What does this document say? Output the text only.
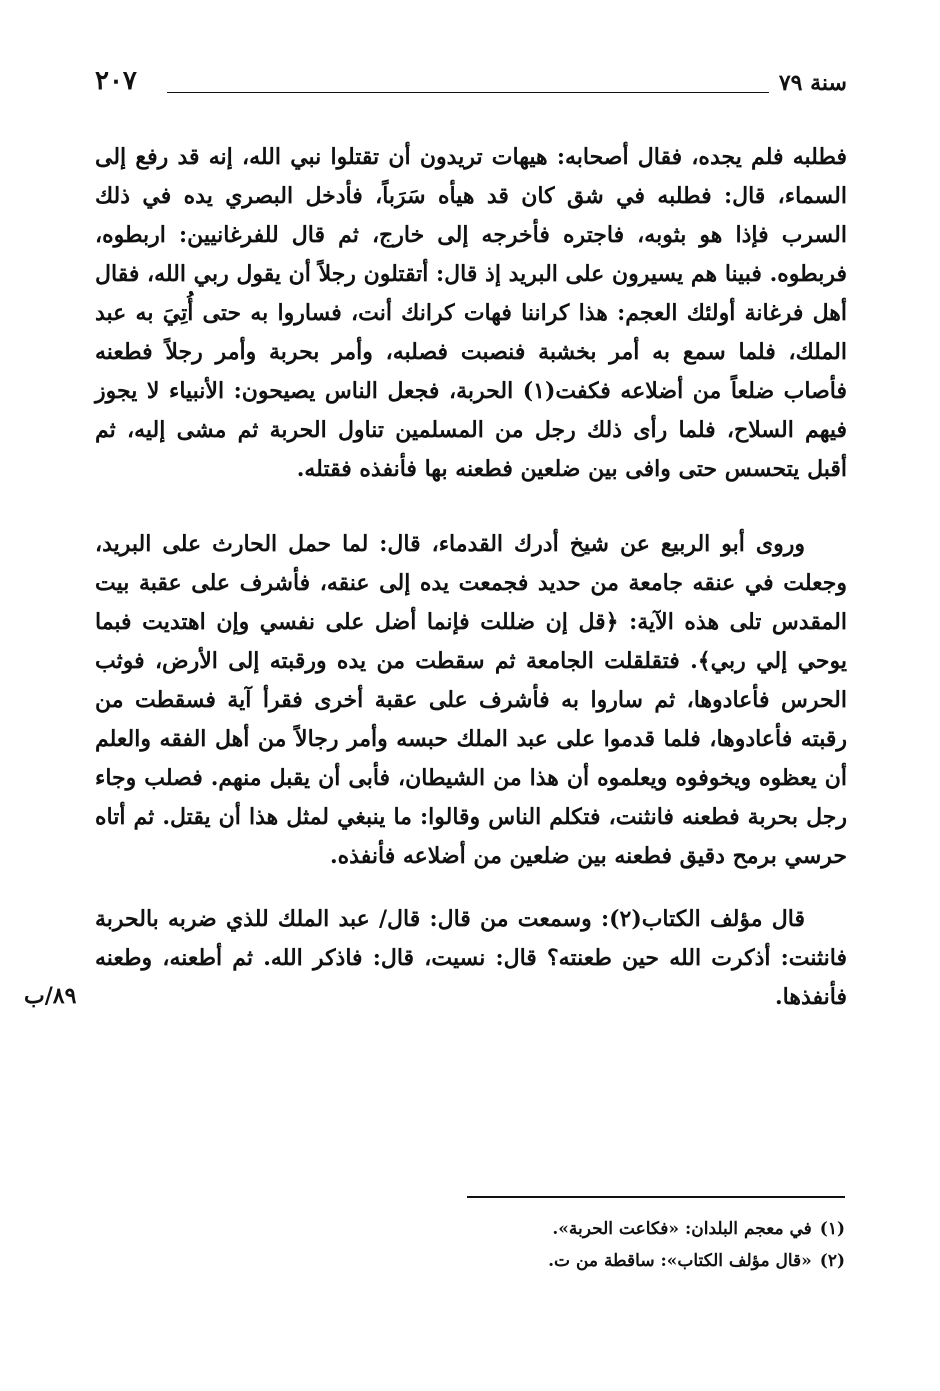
سنة ٧٩
٢٠٧

فطلبه فلم يجده، فقال أصحابه: هيهات تريدون أن تقتلوا نبي الله، إنه قد رفع إلى السماء، قال: فطلبه في شق كان قد هيأه سَرَباً، فأدخل البصري يده في ذلك السرب فإذا هو بثوبه، فاجتره فأخرجه إلى خارج، ثم قال للفرغانيين: اربطوه، فربطوه. فبينا هم يسيرون على البريد إذ قال: أتقتلون رجلاً أن يقول ربي الله، فقال أهل فرغانة أولئك العجم: هذا كراننا فهات كرانك أنت، فساروا به حتى أُتِيَ به عبد الملك، فلما سمع به أمر بخشبة فنصبت فصلبه، وأمر بحربة وأمر رجلاً فطعنه فأصاب ضلعاً من أضلاعه فكفت(١) الحربة، فجعل الناس يصيحون: الأنبياء لا يجوز فيهم السلاح، فلما رأى ذلك رجل من المسلمين تناول الحربة ثم مشى إليه، ثم أقبل يتحسس حتى وافى بين ضلعين فطعنه بها فأنفذه فقتله.

وروى أبو الربيع عن شيخ أدرك القدماء، قال: لما حمل الحارث على البريد، وجعلت في عنقه جامعة من حديد فجمعت يده إلى عنقه، فأشرف على عقبة بيت المقدس تلى هذه الآية: ﴿قل إن ضللت فإنما أضل على نفسي وإن اهتديت فبما يوحي إلي ربي﴾. فتقلقلت الجامعة ثم سقطت من يده ورقبته إلى الأرض، فوثب الحرس فأعادوها، ثم ساروا به فأشرف على عقبة أخرى فقرأ آية فسقطت من رقبته فأعادوها، فلما قدموا على عبد الملك حبسه وأمر رجالاً من أهل الفقه والعلم أن يعظوه ويخوفوه ويعلموه أن هذا من الشيطان، فأبى أن يقبل منهم. فصلب وجاء رجل بحربة فطعنه فانثنت، فتكلم الناس وقالوا: ما ينبغي لمثل هذا أن يقتل. ثم أتاه حرسي برمح دقيق فطعنه بين ضلعين من أضلاعه فأنفذه.

قال مؤلف الكتاب(٢): وسمعت من قال: قال/ عبد الملك للذي ضربه بالحربة فانثنت: أذكرت الله حين طعنته؟ قال: نسيت، قال: فاذكر الله. ثم أطعنه، وطعنه فأنفذها.

٨٩/ب

(١)في معجم البلدان: «فكاعت الحربة».

(٢)«قال مؤلف الكتاب»: ساقطة من ت.
